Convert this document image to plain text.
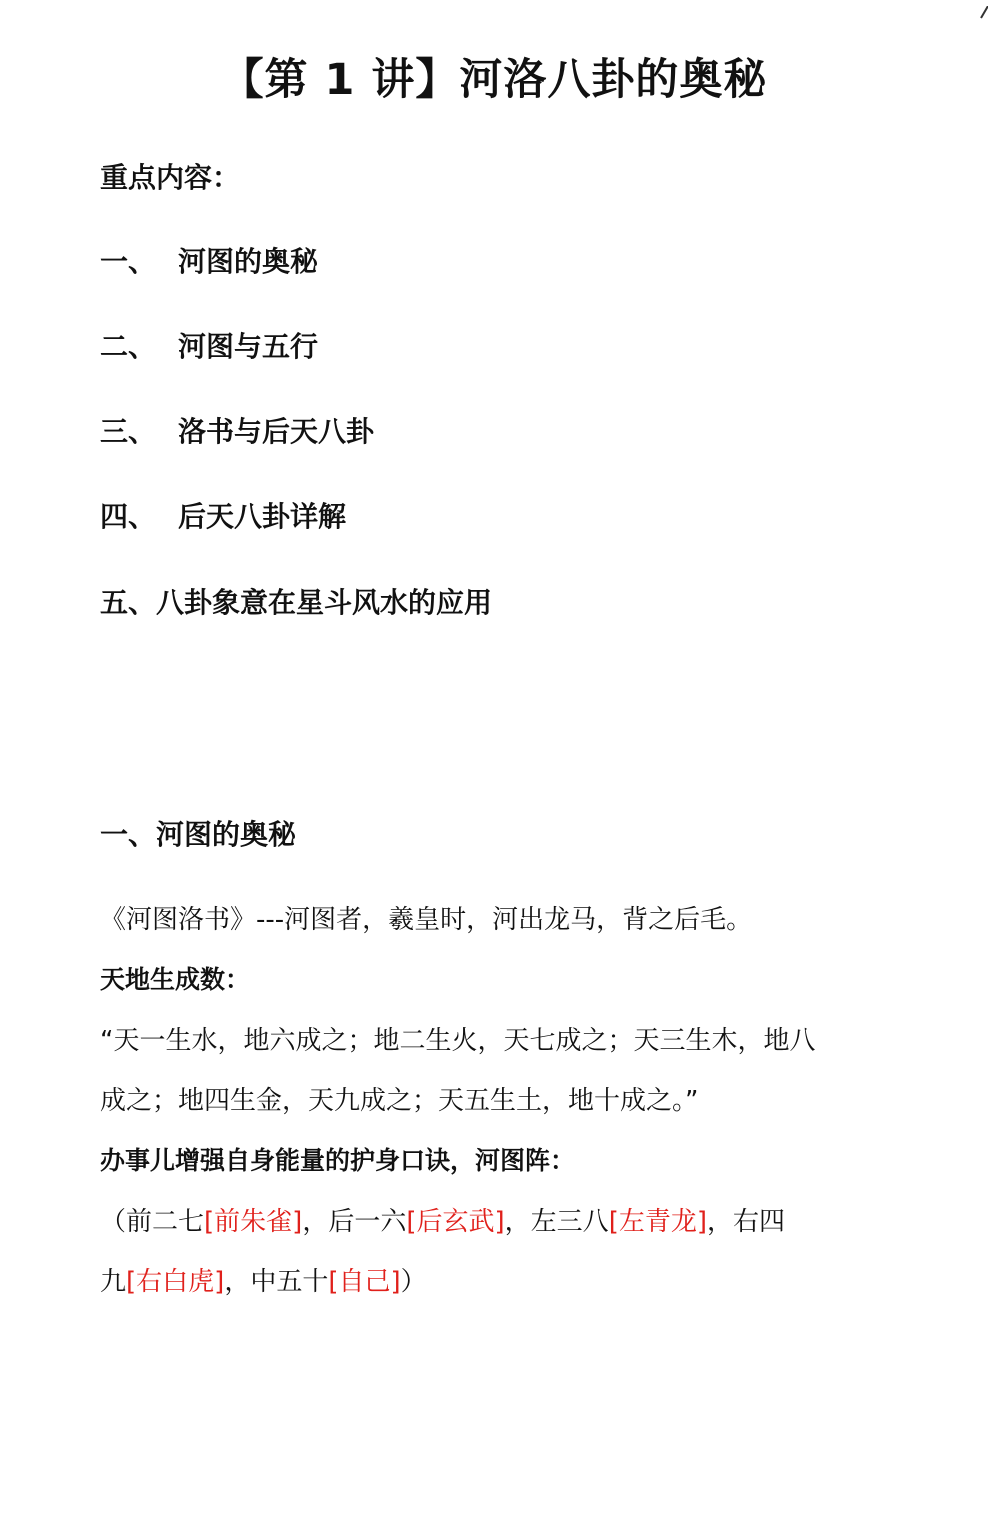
【第 1 讲】河洛八卦的奥秘
重点内容：
一、 河图的奥秘
二、 河图与五行
三、 洛书与后天八卦
四、 后天八卦详解
五、八卦象意在星斗风水的应用
一、河图的奥秘
《河图洛书》---河图者，羲皇时，河出龙马，背之后毛。
天地生成数：
“天一生水，地六成之；地二生火，天七成之；天三生木，地八
成之；地四生金，天九成之；天五生土，地十成之。”
办事儿增强自身能量的护身口诀，河图阵：
（前二七[前朱雀]，后一六[后玄武]，左三八[左青龙]，右四
九[右白虎]，中五十[自己]）
